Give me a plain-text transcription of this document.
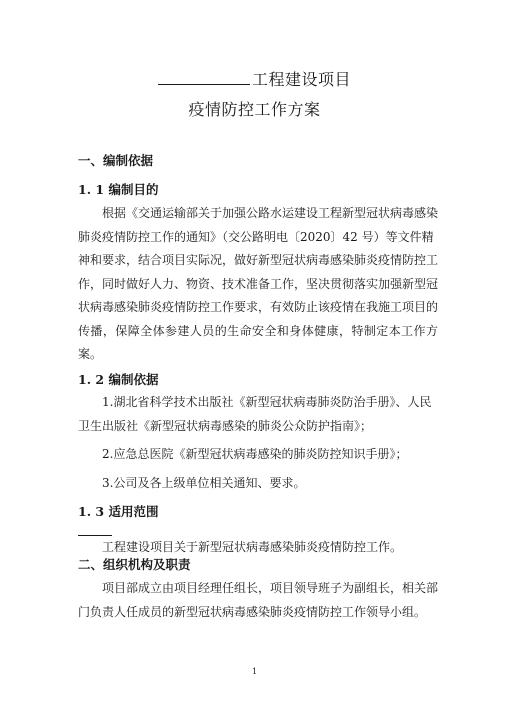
工程建设项目
疫情防控工作方案
一、编制依据
1. 1 编制目的
根据《交通运输部关于加强公路水运建设工程新型冠状病毒感染
肺炎疫情防控工作的通知》（交公路明电〔2020〕42 号）等文件精
神和要求，结合项目实际况，做好新型冠状病毒感染肺炎疫情防控工
作，同时做好人力、物资、技术准备工作，坚决贯彻落实加强新型冠
状病毒感染肺炎疫情防控工作要求，有效防止该疫情在我施工项目的
传播，保障全体参建人员的生命安全和身体健康，特制定本工作方案。
1. 2 编制依据
1.湖北省科学技术出版社《新型冠状病毒肺炎防治手册》、人民
卫生出版社《新型冠状病毒感染的肺炎公众防护指南》；
2.应急总医院《新型冠状病毒感染的肺炎防控知识手册》；
3.公司及各上级单位相关通知、要求。
1. 3 适用范围
工程建设项目关于新型冠状病毒感染肺炎疫情防控工作。
二、组织机构及职责
项目部成立由项目经理任组长，项目领导班子为副组长，相关部
门负责人任成员的新型冠状病毒感染肺炎疫情防控工作领导小组。
1
